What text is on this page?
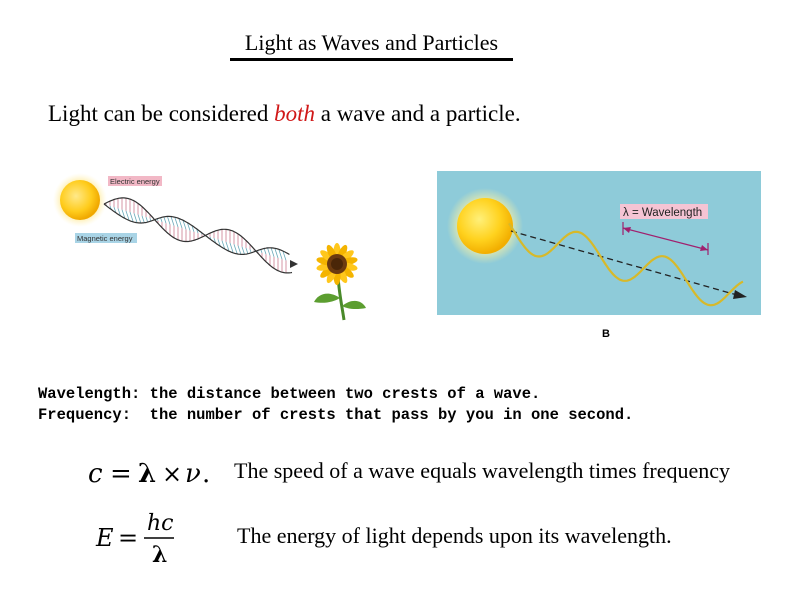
Light as Waves and Particles
Light can be considered both a wave and a particle.
Electric energy
Magnetic energy
λ = Wavelength
B
Wavelength: the distance between two crests of a wave.
Frequency:  the number of crests that pass by you in one second.
c = λ × ν . The speed of a wave equals wavelength times frequency
E =
hc
λ
The energy of light depends upon its wavelength.
